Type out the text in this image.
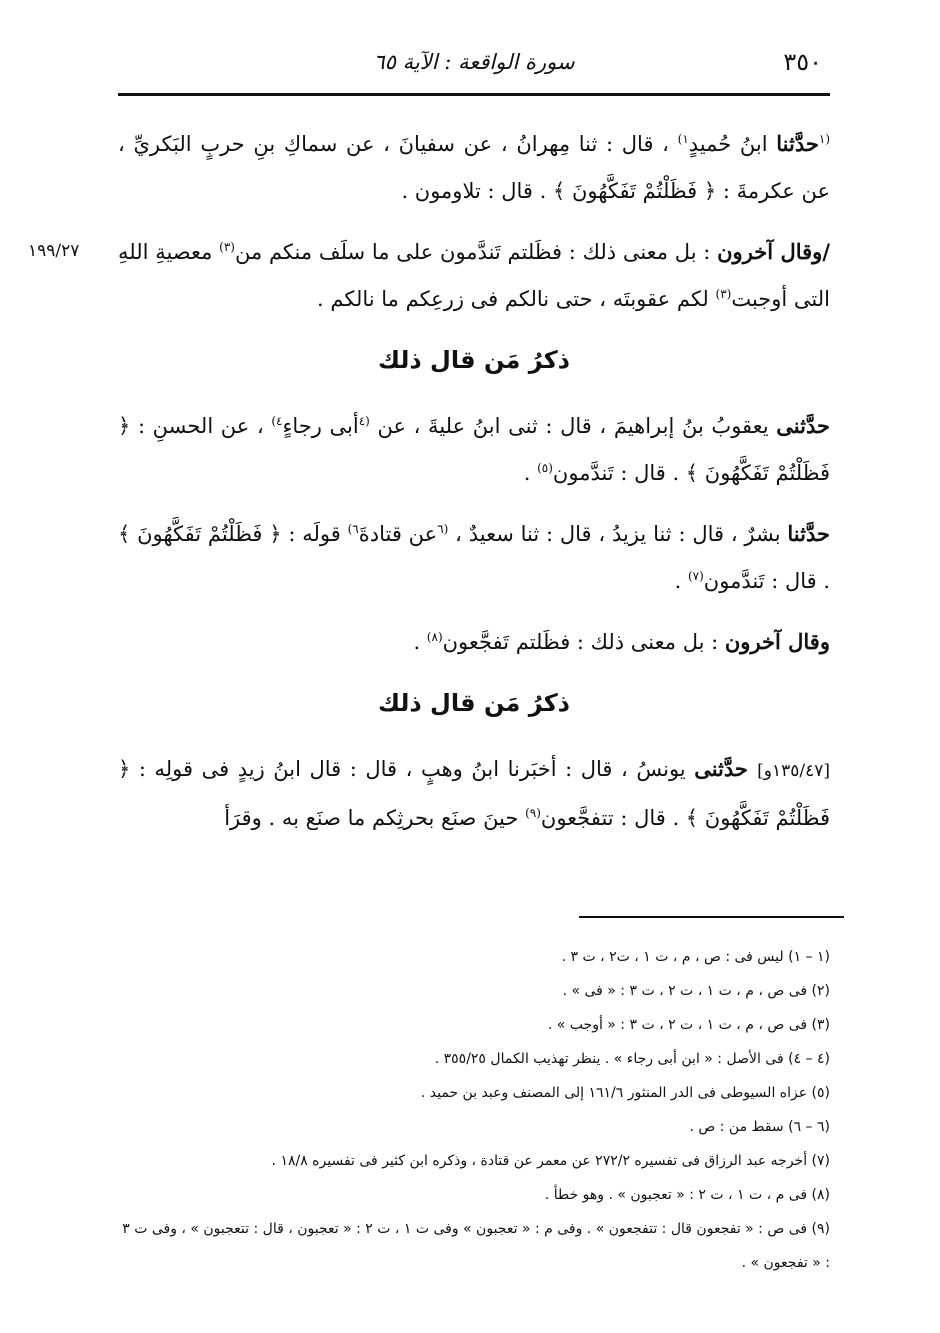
٣٥٠
سورة الواقعة : الآية ٦٥

$^{(١}$حدَّثنا ابنُ حُميدٍ$^{١)}$ ، قال : ثنا مِهرانُ ، عن سفيانَ ، عن سماكِ بنِ حربٍ البَكريِّ ، عن عكرمةَ : ﴿ فَظَلْتُمْ تَفَكَّهُونَ ﴾ . قال : تلاومون .

١٩٩/٢٧	/وقال آخرون : بل معنى ذلك : فظَلتم تَندَّمون على ما سلَف منكم من$^{(٣)}$ معصيةِ اللهِ التى أوجبت$^{(٣)}$ لكم عقوبتَه ، حتى نالكم فى زرعِكم ما نالكم .

ذكرُ مَن قال ذلك

حدَّثنى يعقوبُ بنُ إبراهيمَ ، قال : ثنى ابنُ عليةَ ، عن $^{(٤}$أبى رجاءٍ$^{٤)}$ ، عن الحسنِ : ﴿ فَظَلْتُمْ تَفَكَّهُونَ ﴾ . قال : تَندَّمون$^{(٥)}$ .

حدَّثنا بشرٌ ، قال : ثنا يزيدُ ، قال : ثنا سعيدٌ ، $^{(٦}$عن قتادةَ$^{٦)}$ قولَه : ﴿ فَظَلْتُمْ تَفَكَّهُونَ ﴾ . قال : تَندَّمون$^{(٧)}$ .

وقال آخرون : بل معنى ذلك : فظَلتم تَفجَّعون$^{(٨)}$ .

ذكرُ مَن قال ذلك

[١٣٥/٤٧و] حدَّثنى يونسُ ، قال : أخبَرنا ابنُ وهبٍ ، قال : قال ابنُ زيدٍ فى قولِه : ﴿ فَظَلْتُمْ تَفَكَّهُونَ ﴾ . قال : تتفجَّعون$^{(٩)}$ حينَ صنَع بحرثِكم ما صنَع به . وقرَأ

(١ – ١) ليس فى : ص ، م ، ت ١ ، ت٢ ، ت ٣ .

(٢) فى ص ، م ، ت ١ ، ت ٢ ، ت ٣ : « فى » .

(٣) فى ص ، م ، ت ١ ، ت ٢ ، ت ٣ : « أوجب » .

(٤ – ٤) فى الأصل : « ابن أبى رجاء » . ينظر تهذيب الكمال ٣٥٥/٢٥ .

(٥) عزاه السيوطى فى الدر المنثور ١٦١/٦ إلى المصنف وعبد بن حميد .

(٦ – ٦) سقط من : ص .

(٧) أخرجه عبد الرزاق فى تفسيره ٢٧٢/٢ عن معمر عن قتادة ، وذكره ابن كثير فى تفسيره ١٨/٨ .

(٨) فى م ، ت ١ ، ت ٢ : « تعجبون » . وهو خطأ .

(٩) فى ص : « تفجعون قال : تتفجعون » . وفى م : « تعجبون » وفى ت ١ ، ت ٢ : « تعجبون ، قال : تتعجبون » ، وفى ت ٣ : « تفجعون » .
